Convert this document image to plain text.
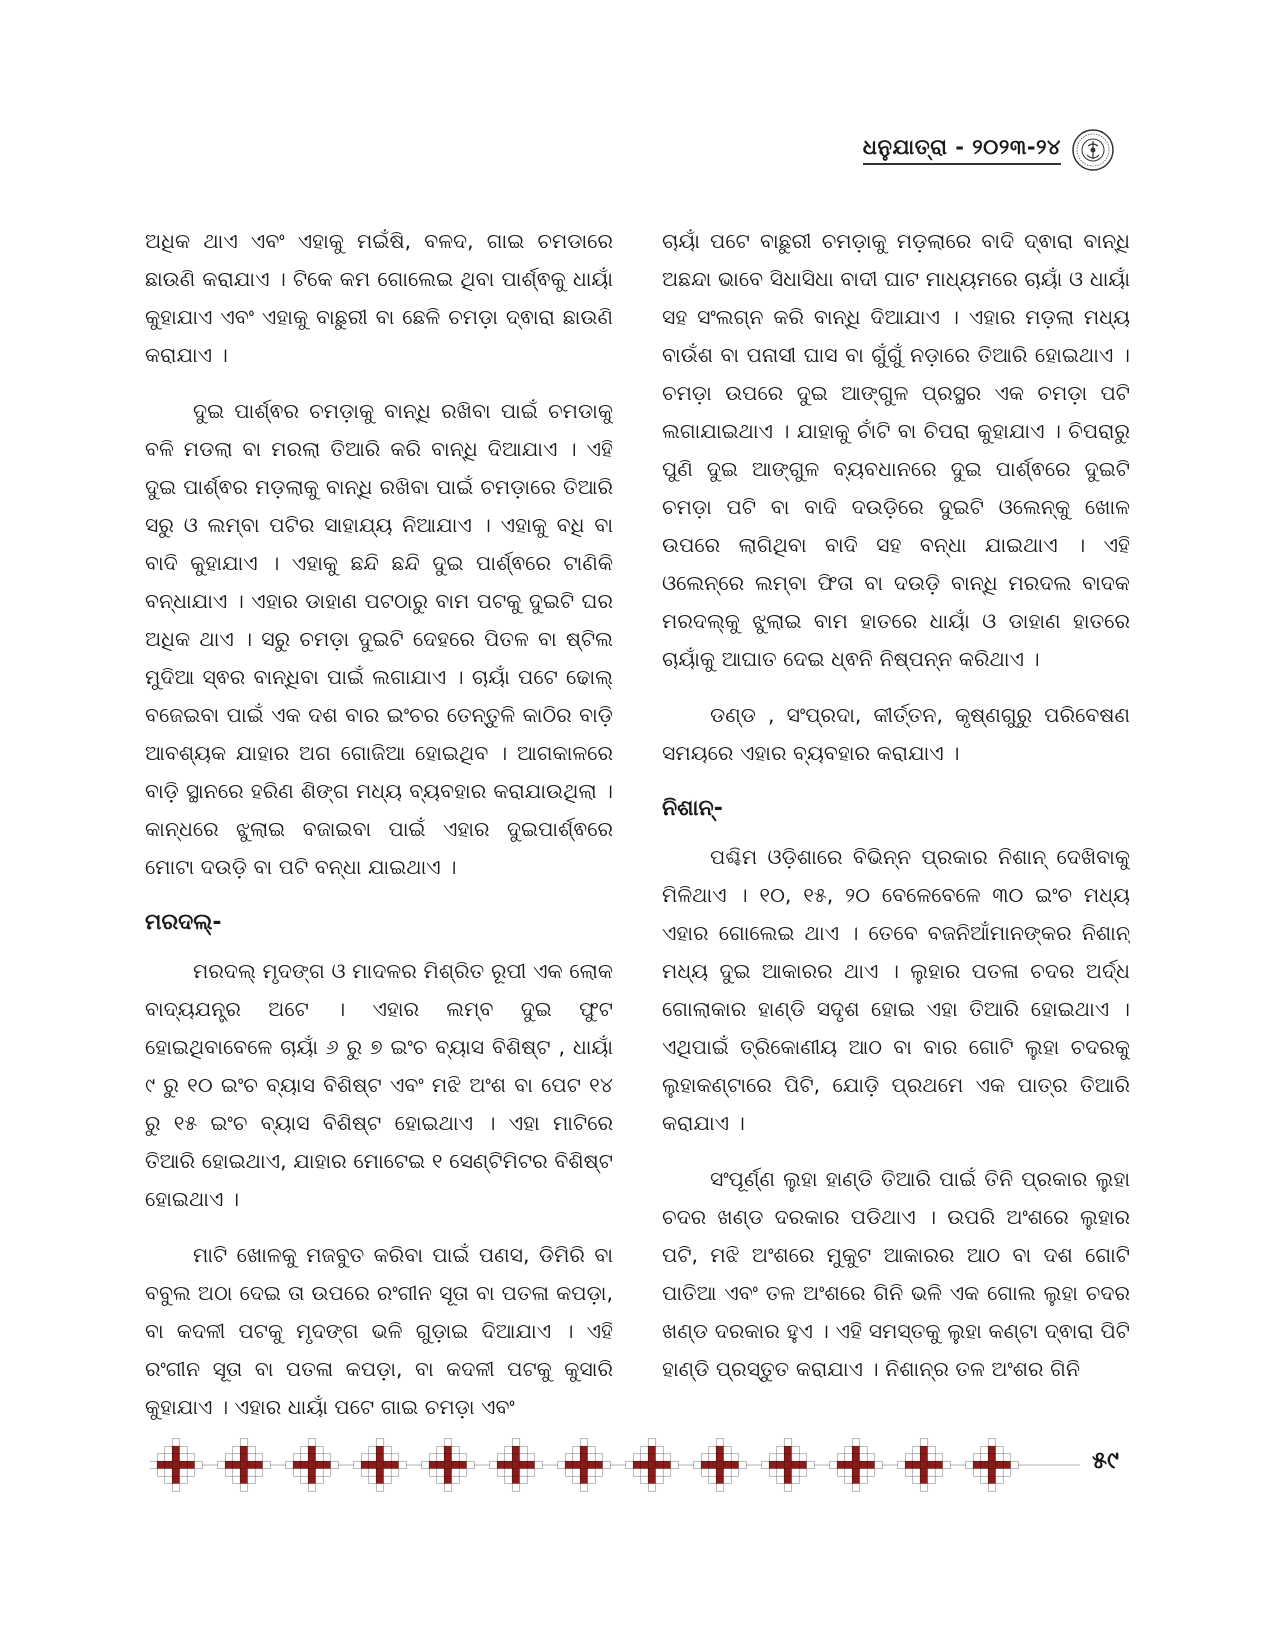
ଧନୁଯାତ୍ରା - ୨୦୨୩-୨୪

ଅଧିକ ଥାଏ ଏବଂ ଏହାକୁ ମଇଁଷି, ବଳଦ, ଗାଇ ଚମଡାରେ ଛାଉଣି କରାଯାଏ । ଟିକେ କମ ଗୋଲେଇ ଥିବା ପାର୍ଶ୍ଵକୁ ଧାୟାଁ କୁହାଯାଏ ଏବଂ ଏହାକୁ ବାଛୁରୀ ବା ଛେଳି ଚମଡ଼ା ଦ୍ଵାରା ଛାଉଣି କରାଯାଏ ।

ଦୁଇ ପାର୍ଶ୍ଵର ଚମଡ଼ାକୁ ବାନ୍ଧି ରଖିବା ପାଇଁ ଚମଡାକୁ ବଳି ମଡଲା ବା ମରଲା ତିଆରି କରି ବାନ୍ଧି ଦିଆଯାଏ । ଏହି ଦୁଇ ପାର୍ଶ୍ଵର ମଡ଼ଲାକୁ ବାନ୍ଧି ରଖିବା ପାଇଁ ଚମଡ଼ାରେ ତିଆରି ସରୁ ଓ ଲମ୍ବା ପଟିର ସାହାଯ୍ୟ ନିଆଯାଏ । ଏହାକୁ ବଧି ବା ବାଦି କୁହାଯାଏ । ଏହାକୁ ଛନ୍ଦି ଛନ୍ଦି ଦୁଇ ପାର୍ଶ୍ଵରେ ଟାଣିକି ବନ୍ଧାଯାଏ । ଏହାର ଡାହାଣ ପଟଠାରୁ ବାମ ପଟକୁ ଦୁଇଟି ଘର ଅଧିକ ଥାଏ । ସରୁ ଚମଡ଼ା ଦୁଇଟି ଦେହରେ ପିତଳ ବା ଷ୍ଟିଲ ମୁଦିଆ ସ୍ଵର ବାନ୍ଧିବା ପାଇଁ ଲଗାଯାଏ । ଚାୟାଁ ପଟେ ଢୋଲ୍ ବଜେଇବା ପାଇଁ ଏକ ଦଶ ବାର ଇଂଚର ତେନ୍ତୁଳି କାଠିର ବାଡ଼ି ଆବଶ୍ୟକ ଯାହାର ଅଗ ଗୋଜିଆ ହୋଇଥିବ । ଆଗକାଳରେ ବାଡ଼ି ସ୍ଥାନରେ ହରିଣ ଶିଙ୍ଗ ମଧ୍ୟ ବ୍ୟବହାର କରାଯାଉଥିଲା । କାନ୍ଧରେ ଝୁଲାଇ ବଜାଇବା ପାଇଁ ଏହାର ଦୁଇପାର୍ଶ୍ଵରେ ମୋଟା ଦଉଡ଼ି ବା ପଟି ବନ୍ଧା ଯାଇଥାଏ ।

ମରଦଲ୍-

ମରଦଲ୍ ମୃଦଙ୍ଗ ଓ ମାଦଳର ମିଶ୍ରିତ ରୂପୀ ଏକ ଲୋକ ବାଦ୍ୟଯନ୍ତ୍ର ଅଟେ । ଏହାର ଲମ୍ବ ଦୁଇ ଫୁଟ ହୋଇଥିବାବେଳେ ଚାୟାଁ ୬ ରୁ ୭ ଇଂଚ ବ୍ୟାସ ବିଶିଷ୍ଟ , ଧାୟାଁ ୯ ରୁ ୧୦ ଇଂଚ ବ୍ୟାସ ବିଶିଷ୍ଟ ଏବଂ ମଝି ଅଂଶ ବା ପେଟ ୧୪ ରୁ ୧୫ ଇଂଚ ବ୍ୟାସ ବିଶିଷ୍ଟ ହୋଇଥାଏ । ଏହା ମାଟିରେ ତିଆରି ହୋଇଥାଏ, ଯାହାର ମୋଟେଇ ୧ ସେଣ୍ଟିମିଟର ବିଶିଷ୍ଟ ହୋଇଥାଏ ।

ମାଟି ଖୋଳକୁ ମଜବୁତ କରିବା ପାଇଁ ପଣସ, ଡିମିରି ବା ବବୁଲ ଅଠା ଦେଇ ତା ଉପରେ ରଂଗୀନ ସୂତା ବା ପତଳା କପଡ଼ା, ବା କଦଳୀ ପଟକୁ ମୃଦଙ୍ଗ ଭଳି ଗୁଡ଼ାଇ ଦିଆଯାଏ । ଏହି ରଂଗୀନ ସୂତା ବା ପତଳା କପଡ଼ା, ବା କଦଳୀ ପଟକୁ କୁସାରି କୁହାଯାଏ । ଏହାର ଧାୟାଁ ପଟେ ଗାଇ ଚମଡ଼ା ଏବଂ

ଚାୟାଁ ପଟେ ବାଛୁରୀ ଚମଡ଼ାକୁ ମଡ଼ଲାରେ ବାଦି ଦ୍ଵାରା ବାନ୍ଧି ଅଛନ୍ଦା ଭାବେ ସିଧାସିଧା ବାଦୀ ଘାଟ ମାଧ୍ୟମରେ ଚାୟାଁ ଓ ଧାୟାଁ ସହ ସଂଲଗ୍ନ କରି ବାନ୍ଧି ଦିଆଯାଏ । ଏହାର ମଡ଼ଲା ମଧ୍ୟ ବାଉଁଶ ବା ପନାସୀ ଘାସ ବା ଗୁଁଗୁଁ ନଡ଼ାରେ ତିଆରି ହୋଇଥାଏ । ଚମଡ଼ା ଉପରେ ଦୁଇ ଆଙ୍ଗୁଳ ପ୍ରସ୍ଥର ଏକ ଚମଡ଼ା ପଟି ଲଗାଯାଇଥାଏ । ଯାହାକୁ ଚାଁଟି ବା ଚିପରା କୁହାଯାଏ । ଚିପରାରୁ ପୁଣି ଦୁଇ ଆଙ୍ଗୁଳ ବ୍ୟବଧାନରେ ଦୁଇ ପାର୍ଶ୍ଵରେ ଦୁଇଟି ଚମଡ଼ା ପଟି ବା ବାଦି ଦଉଡ଼ିରେ ଦୁଇଟି ଓଲେନ୍‌କୁ ଖୋଳ ଉପରେ ଲାଗିଥିବା ବାଦି ସହ ବନ୍ଧା ଯାଇଥାଏ । ଏହି ଓଲେନ୍‌ରେ ଲମ୍ବା ଫିତା ବା ଦଉଡ଼ି ବାନ୍ଧି ମରଦଲ ବାଦକ ମରଦଲ୍‌କୁ ଝୁଲାଇ ବାମ ହାତରେ ଧାୟାଁ ଓ ଡାହାଣ ହାତରେ ଚାୟାଁକୁ ଆଘାତ ଦେଇ ଧ୍ଵନି ନିଷ୍ପନ୍ନ କରିଥାଏ ।

ଡଣ୍ଡ , ସଂପ୍ରଦା, କୀର୍ତ୍ତନ, କୃଷ୍ଣଗୁରୁ ପରିବେଷଣ ସମୟରେ ଏହାର ବ୍ୟବହାର କରାଯାଏ ।

ନିଶାନ୍-

ପଶ୍ଚିମ ଓଡ଼ିଶାରେ ବିଭିନ୍ନ ପ୍ରକାର ନିଶାନ୍ ଦେଖିବାକୁ ମିଳିଥାଏ । ୧୦, ୧୫, ୨୦ ବେଳେବେଳେ ୩୦ ଇଂଚ ମଧ୍ୟ ଏହାର ଗୋଲେଇ ଥାଏ । ତେବେ ବଜନିଆଁମାନଙ୍କର ନିଶାନ୍ ମଧ୍ୟ ଦୁଇ ଆକାରର ଥାଏ । ଲୁହାର ପତଳା ଚଦର ଅର୍ଦ୍ଧ ଗୋଲାକାର ହାଣ୍ଡି ସଦୃଶ ହୋଇ ଏହା ତିଆରି ହୋଇଥାଏ । ଏଥିପାଇଁ ତ୍ରିକୋଣୀୟ ଆଠ ବା ବାର ଗୋଟି ଲୁହା ଚଦରକୁ ଲୁହାକଣ୍ଟାରେ ପିଟି, ଯୋଡ଼ି ପ୍ରଥମେ ଏକ ପାତ୍ର ତିଆରି କରାଯାଏ ।

ସଂପୂର୍ଣ୍ଣ ଲୁହା ହାଣ୍ଡି ତିଆରି ପାଇଁ ତିନି ପ୍ରକାର ଲୁହା ଚଦର ଖଣ୍ଡ ଦରକାର ପଡିଥାଏ । ଉପରି ଅଂଶରେ ଲୁହାର ପଟି, ମଝି ଅଂଶରେ ମୁକୁଟ ଆକାରର ଆଠ ବା ଦଶ ଗୋଟି ପାତିଆ ଏବଂ ତଳ ଅଂଶରେ ଗିନି ଭଳି ଏକ ଗୋଲ ଲୁହା ଚଦର ଖଣ୍ଡ ଦରକାର ହୁଏ । ଏହି ସମସ୍ତକୁ ଲୁହା କଣ୍ଟା ଦ୍ଵାରା ପିଟି ହାଣ୍ଡି ପ୍ରସ୍ତୁତ କରାଯାଏ । ନିଶାନ୍‌ର ତଳ ଅଂଶର ଗିନି

୫୯
